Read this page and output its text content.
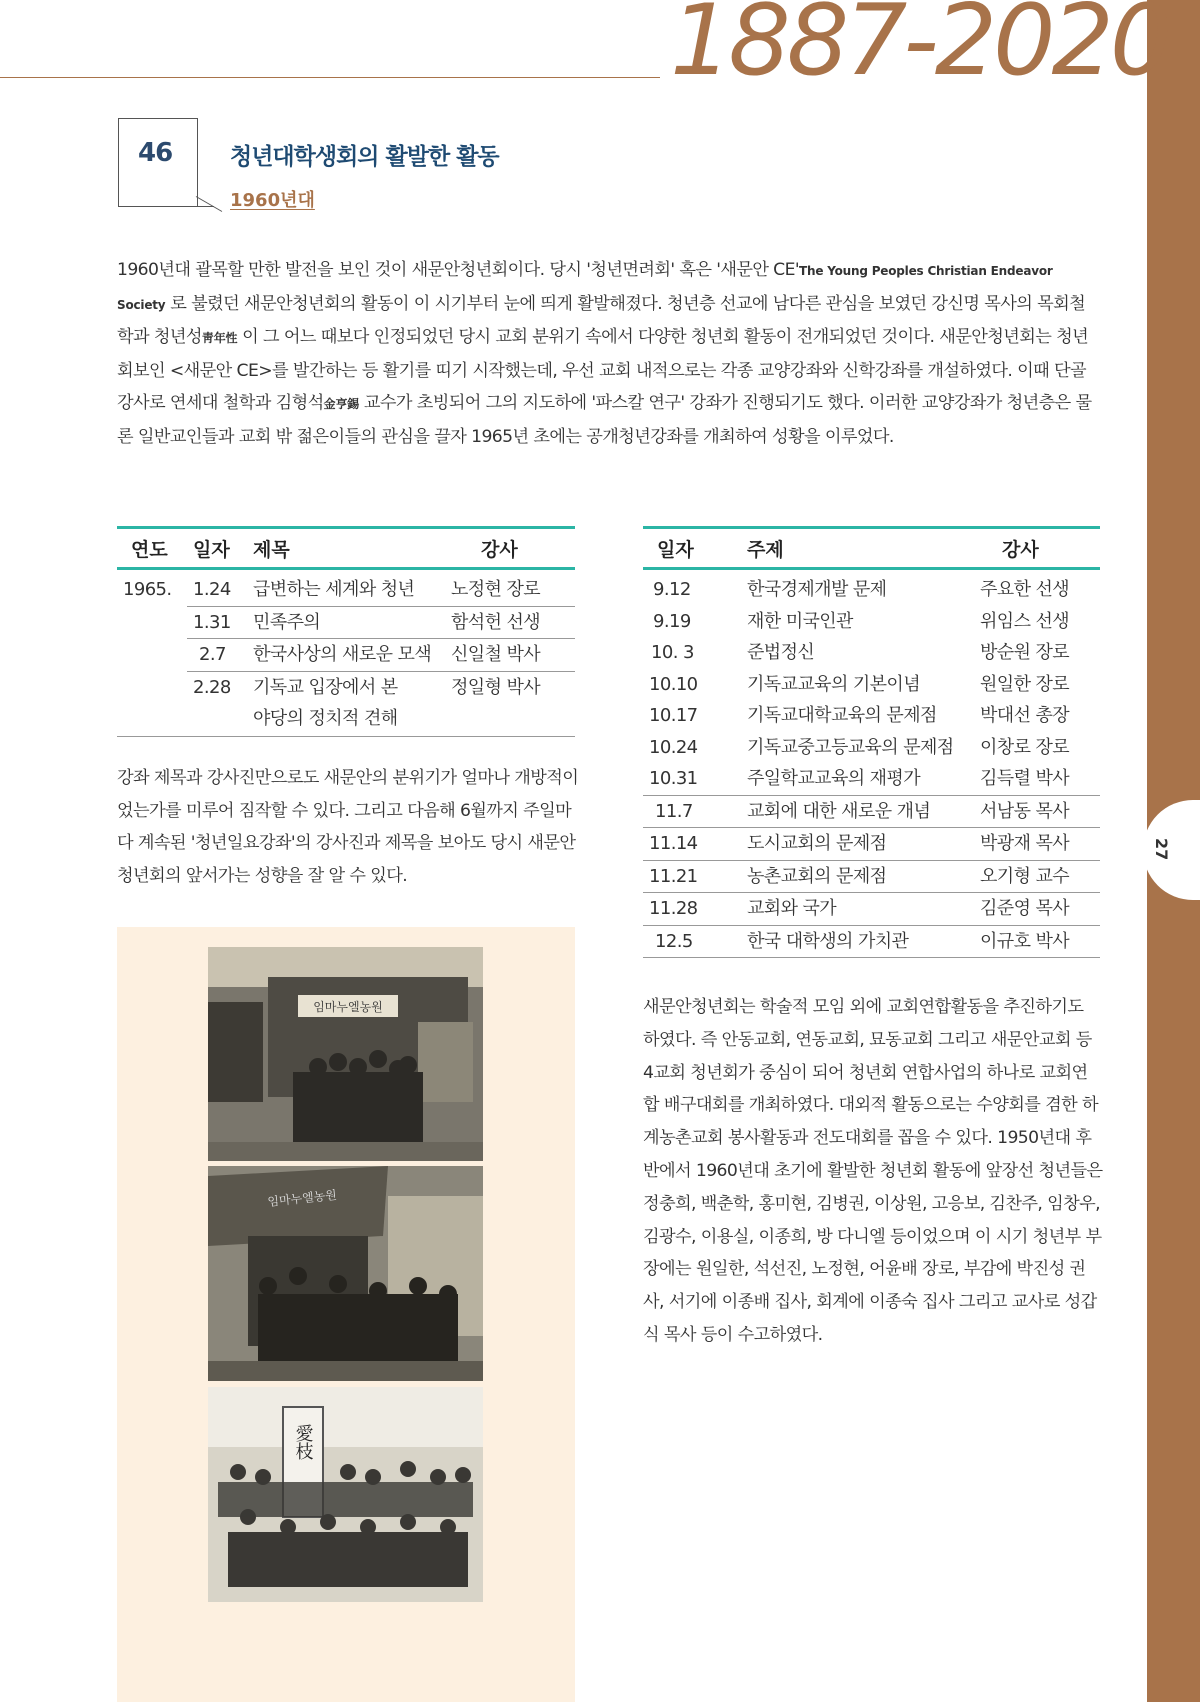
27
1887-2020
46	청년대학생회의 활발한 활동
1960년대
1960년대 괄목할 만한 발전을 보인 것이 새문안청년회이다. 당시 '청년면려회' 혹은 '새문안 CE'The Young Peoples Christian Endeavor Society 로 불렸던 새문안청년회의 활동이 이 시기부터 눈에 띄게 활발해졌다. 청년층 선교에 남다른 관심을 보였던 강신명 목사의 목회철학과 청년성靑年性 이 그 어느 때보다 인정되었던 당시 교회 분위기 속에서 다양한 청년회 활동이 전개되었던 것이다. 새문안청년회는 청년회보인 <새문안 CE>를 발간하는 등 활기를 띠기 시작했는데, 우선 교회 내적으로는 각종 교양강좌와 신학강좌를 개설하였다. 이때 단골강사로 연세대 철학과 김형석金亨錫 교수가 초빙되어 그의 지도하에 '파스칼 연구' 강좌가 진행되기도 했다. 이러한 교양강좌가 청년층은 물론 일반교인들과 교회 밖 젊은이들의 관심을 끌자 1965년 초에는 공개청년강좌를 개최하여 성황을 이루었다.
연도	일자	제목	강사
1965.	1.24	급변하는 세계와 청년	노정현 장로
	1.31	민족주의	함석헌 선생
	2.7	한국사상의 새로운 모색	신일철 박사
	2.28	기독교 입장에서 본
야당의 정치적 견해	정일형 박사
강좌 제목과 강사진만으로도 새문안의 분위기가 얼마나 개방적이었는가를 미루어 짐작할 수 있다. 그리고 다음해 6월까지 주일마다 계속된 '청년일요강좌'의 강사진과 제목을 보아도 당시 새문안청년회의 앞서가는 성향을 잘 알 수 있다.
임마누엘농원
임마누엘농원
愛枝
일자	주제	강사
9.12	한국경제개발 문제	주요한 선생
9.19	재한 미국인관	위임스 선생
10. 3	준법정신	방순원 장로
10.10	기독교교육의 기본이념	원일한 장로
10.17	기독교대학교육의 문제점	박대선 총장
10.24	기독교중고등교육의 문제점	이창로 장로
10.31	주일학교교육의 재평가	김득렬 박사
11.7	교회에 대한 새로운 개념	서남동 목사
11.14	도시교회의 문제점	박광재 목사
11.21	농촌교회의 문제점	오기형 교수
11.28	교회와 국가	김준영 목사
12.5	한국 대학생의 가치관	이규호 박사
새문안청년회는 학술적 모임 외에 교회연합활동을 추진하기도 하였다. 즉 안동교회, 연동교회, 묘동교회 그리고 새문안교회 등 4교회 청년회가 중심이 되어 청년회 연합사업의 하나로 교회연합 배구대회를 개최하였다. 대외적 활동으로는 수양회를 겸한 하계농촌교회 봉사활동과 전도대회를 꼽을 수 있다. 1950년대 후반에서 1960년대 초기에 활발한 청년회 활동에 앞장선 청년들은 정충희, 백춘학, 홍미현, 김병권, 이상원, 고응보, 김찬주, 임창우, 김광수, 이용실, 이종희, 방 다니엘 등이었으며 이 시기 청년부 부장에는 원일한, 석선진, 노정현, 어윤배 장로, 부감에 박진성 권사, 서기에 이종배 집사, 회계에 이종숙 집사 그리고 교사로 성갑식 목사 등이 수고하였다.
